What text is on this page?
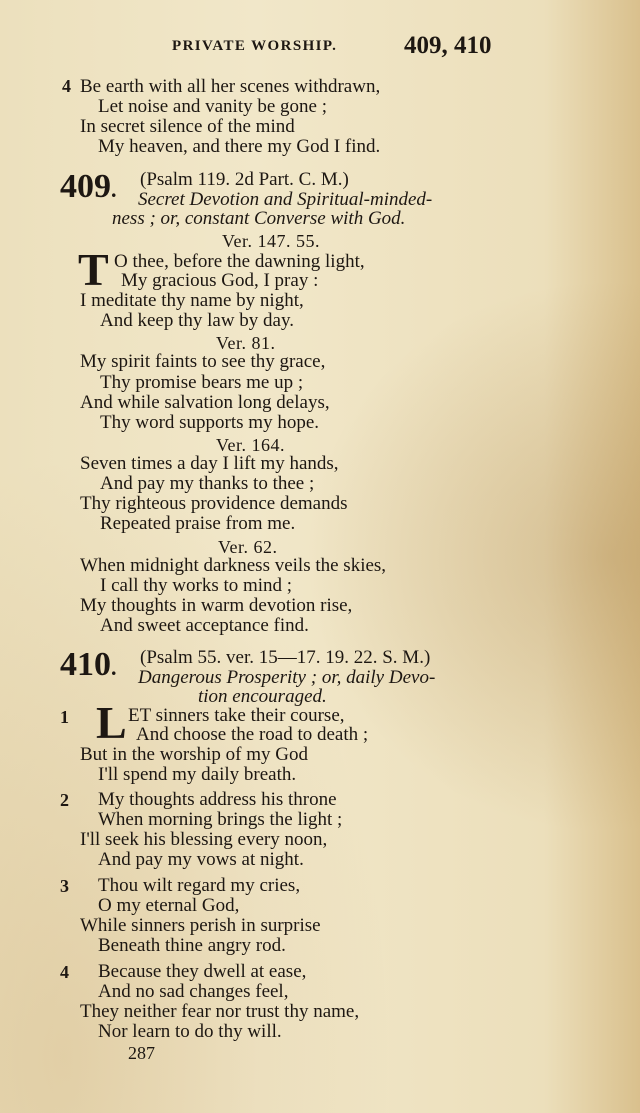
PRIVATE WORSHIP.	409, 410
4 Be earth with all her scenes withdrawn,
Let noise and vanity be gone ;
In secret silence of the mind
My heaven, and there my God I find.
409. (Psalm 119. 2d Part. C. M.)
Secret Devotion and Spiritual-minded-
ness ; or, constant Converse with God.
Ver. 147. 55.
T O thee, before the dawning light,
My gracious God, I pray :
I meditate thy name by night,
And keep thy law by day.
Ver. 81.
My spirit faints to see thy grace,
Thy promise bears me up ;
And while salvation long delays,
Thy word supports my hope.
Ver. 164.
Seven times a day I lift my hands,
And pay my thanks to thee ;
Thy righteous providence demands
Repeated praise from me.
Ver. 62.
When midnight darkness veils the skies,
I call thy works to mind ;
My thoughts in warm devotion rise,
And sweet acceptance find.
410. (Psalm 55. ver. 15—17. 19. 22. S. M.)
Dangerous Prosperity ; or, daily Devo-
tion encouraged.
1 L ET sinners take their course,
And choose the road to death ;
But in the worship of my God
I'll spend my daily breath.
2 My thoughts address his throne
When morning brings the light ;
I'll seek his blessing every noon,
And pay my vows at night.
3 Thou wilt regard my cries,
O my eternal God,
While sinners perish in surprise
Beneath thine angry rod.
4 Because they dwell at ease,
And no sad changes feel,
They neither fear nor trust thy name,
Nor learn to do thy will.
287
